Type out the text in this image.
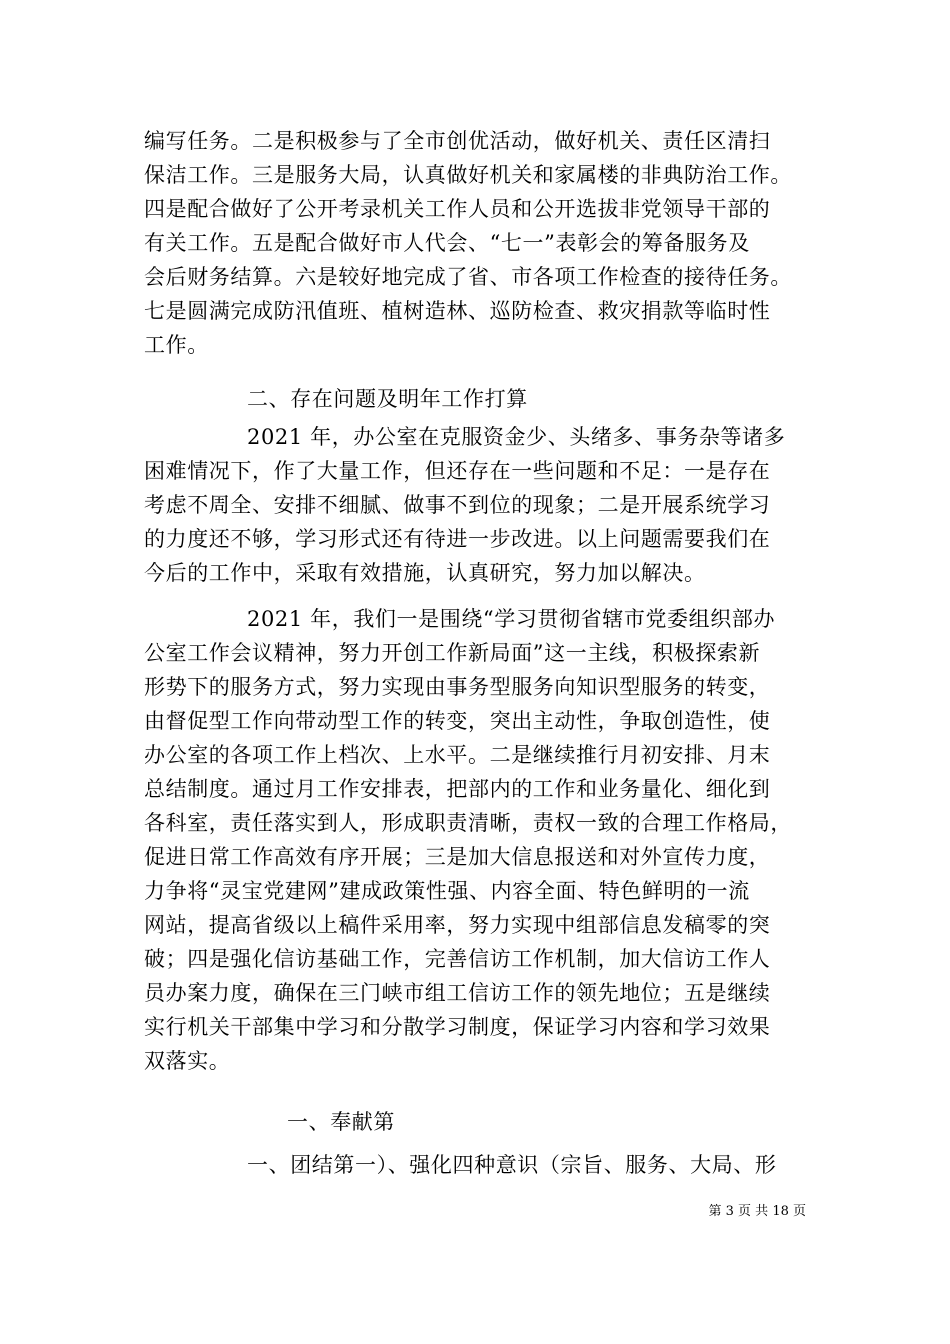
编写任务。二是积极参与了全市创优活动，做好机关、责任区清扫
保洁工作。三是服务大局，认真做好机关和家属楼的非典防治工作。
四是配合做好了公开考录机关工作人员和公开选拔非党领导干部的
有关工作。五是配合做好市人代会、“七一”表彰会的筹备服务及
会后财务结算。六是较好地完成了省、市各项工作检查的接待任务。
七是圆满完成防汛值班、植树造林、巡防检查、救灾捐款等临时性
工作。
二、存在问题及明年工作打算
2021 年，办公室在克服资金少、头绪多、事务杂等诸多
困难情况下，作了大量工作，但还存在一些问题和不足：一是存在
考虑不周全、安排不细腻、做事不到位的现象；二是开展系统学习
的力度还不够，学习形式还有待进一步改进。以上问题需要我们在
今后的工作中，采取有效措施，认真研究，努力加以解决。
2021 年，我们一是围绕“学习贯彻省辖市党委组织部办
公室工作会议精神，努力开创工作新局面”这一主线，积极探索新
形势下的服务方式，努力实现由事务型服务向知识型服务的转变，
由督促型工作向带动型工作的转变，突出主动性，争取创造性，使
办公室的各项工作上档次、上水平。二是继续推行月初安排、月末
总结制度。通过月工作安排表，把部内的工作和业务量化、细化到
各科室，责任落实到人，形成职责清晰，责权一致的合理工作格局，
促进日常工作高效有序开展；三是加大信息报送和对外宣传力度，
力争将“灵宝党建网”建成政策性强、内容全面、特色鲜明的一流
网站，提高省级以上稿件采用率，努力实现中组部信息发稿零的突
破；四是强化信访基础工作，完善信访工作机制，加大信访工作人
员办案力度，确保在三门峡市组工信访工作的领先地位；五是继续
实行机关干部集中学习和分散学习制度，保证学习内容和学习效果
双落实。
一、奉献第
一、团结第一）、强化四种意识（宗旨、服务、大局、形
第 3 页 共 18 页
